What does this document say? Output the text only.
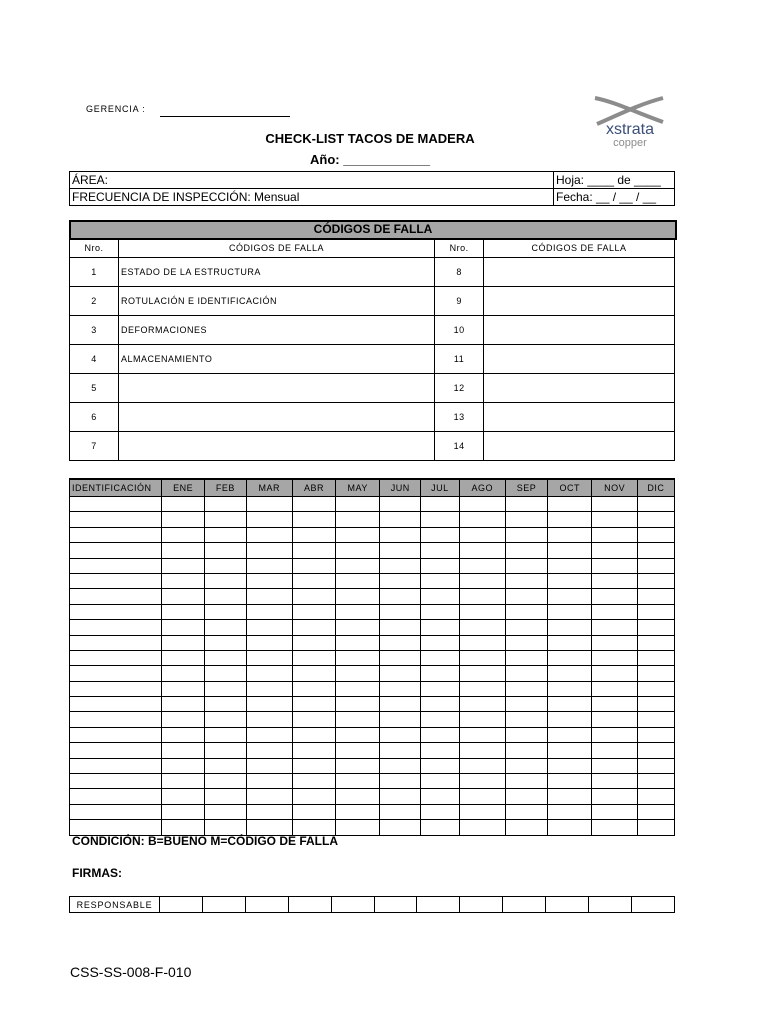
GERENCIA :
CHECK-LIST TACOS DE MADERA
Año: ____________
xstrata
copper
ÁREA:	Hoja: ____ de ____
FRECUENCIA DE INSPECCIÓN: Mensual	Fecha: __ / __ / __
CÓDIGOS DE FALLA
Nro.	CÓDIGOS DE FALLA	Nro.	CÓDIGOS DE FALLA
1	ESTADO DE LA ESTRUCTURA	8	
2	ROTULACIÓN E IDENTIFICACIÓN	9	
3	DEFORMACIONES	10	
4	ALMACENAMIENTO	11	
5		12	
6		13	
7		14	
IDENTIFICACIÓN	ENE	FEB	MAR	ABR	MAY	JUN	JUL	AGO	SEP	OCT	NOV	DIC

CONDICIÓN: B=BUENO M=CÓDIGO DE FALLA
FIRMAS:
RESPONSABLE												
CSS-SS-008-F-010
